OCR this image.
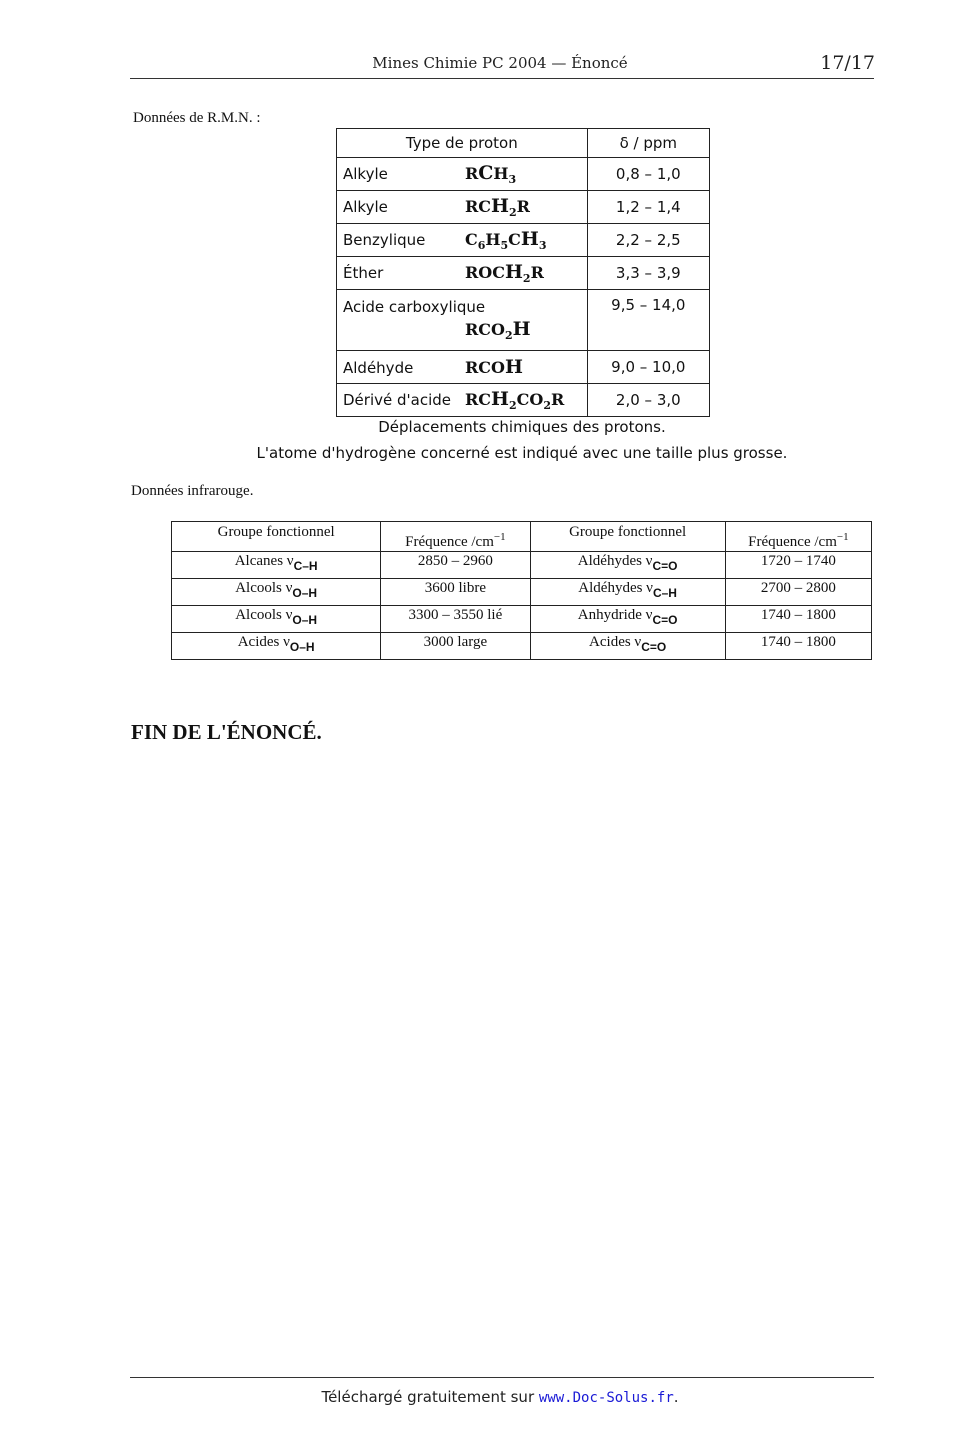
Mines Chimie PC 2004 — Énoncé	17/17
Données de R.M.N. :
Type de proton	δ / ppm
Alkyle $RCH_3$	0,8 – 1,0
Alkyle $RCH_2R$	1,2 – 1,4
Benzylique $C_6H_5CH_3$	2,2 – 2,5
Éther $ROCH_2R$	3,3 – 3,9

Acide carboxylique
$RCO_2H$	9,5 – 14,0
Aldéhyde RCOH	9,0 – 10,0
Dérivé d'acide $RCH_2CO_2R$	2,0 – 3,0
Déplacements chimiques des protons.
L'atome d'hydrogène concerné est indiqué avec une taille plus grosse.
Données infrarouge.
Groupe fonctionnel	Fréquence $/cm^{-1}$	Groupe fonctionnel	Fréquence $/cm^{-1}$
Alcanes $\nu_{C-H}$	2850 – 2960	Aldéhydes $\nu_{C=O}$	1720 – 1740
Alcools $\nu_{O-H}$	3600 libre	Aldéhydes $\nu_{C-H}$	2700 – 2800
Alcools $\nu_{O-H}$	3300 – 3550 lié	Anhydride $\nu_{C=O}$	1740 – 1800
Acides $\nu_{O-H}$	3000 large	Acides $\nu_{C=O}$	1740 – 1800
FIN DE L'ÉNONCÉ.
Téléchargé gratuitement sur www.Doc-Solus.fr.
